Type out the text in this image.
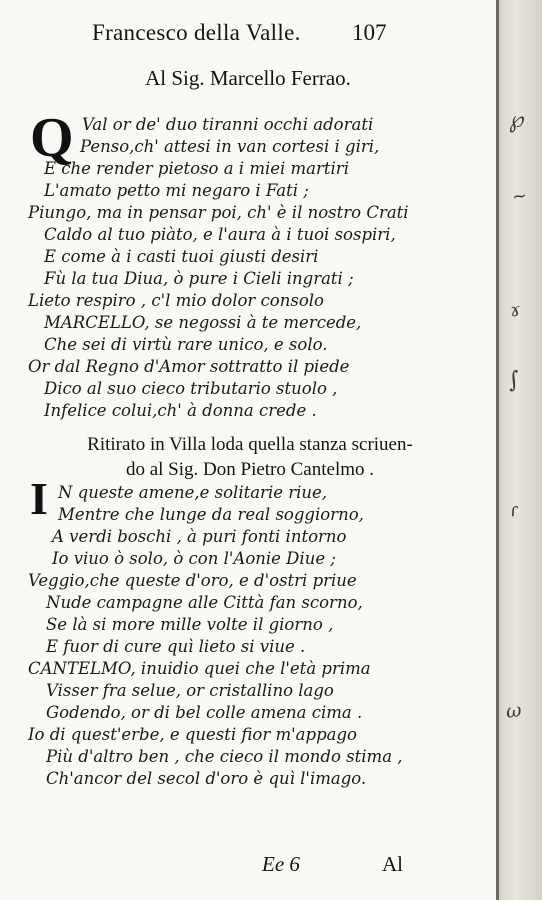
Francesco della Valle. 107
Al Sig. Marcello Ferrao.
Q Val or de' duo tiranni occhi adorati
Penso,ch' attesi in van cortesi i giri,
E che render pietoso a i miei martiri
L'amato petto mi negaro i Fati ;
Piungo, ma in pensar poi, ch' è il nostro Crati
Caldo al tuo piàto, e l'aura à i tuoi sospiri,
E come à i casti tuoi giusti desiri
Fù la tua Diua, ò pure i Cieli ingrati ;
Lieto respiro , c'l mio dolor consolo
MARCELLO, se negossi à te mercede,
Che sei di virtù rare unico, e solo.
Or dal Regno d'Amor sottratto il piede
Dico al suo cieco tributario stuolo ,
Infelice colui,ch' à donna crede .
Ritirato in Villa loda quella stanza scriuen-
do al Sig. Don Pietro Cantelmo .
I N queste amene,e solitarie riue,
Mentre che lunge da real soggiorno,
A verdi boschi , à puri fonti intorno
Io viuo ò solo, ò con l'Aonie Diue ;
Veggio,che queste d'oro, e d'ostri priue
Nude campagne alle Città fan scorno,
Se là si more mille volte il giorno ,
E fuor di cure quì lieto si viue .
CANTELMO, inuidio quei che l'età prima
Visser fra selue, or cristallino lago
Godendo, or di bel colle amena cima .
Io di quest'erbe, e questi fior m'appago
Più d'altro ben , che cieco il mondo stima ,
Ch'ancor del secol d'oro è quì l'imago.
Ee 6	Al
℘
~
ɤ
∫
ɾ
ω
